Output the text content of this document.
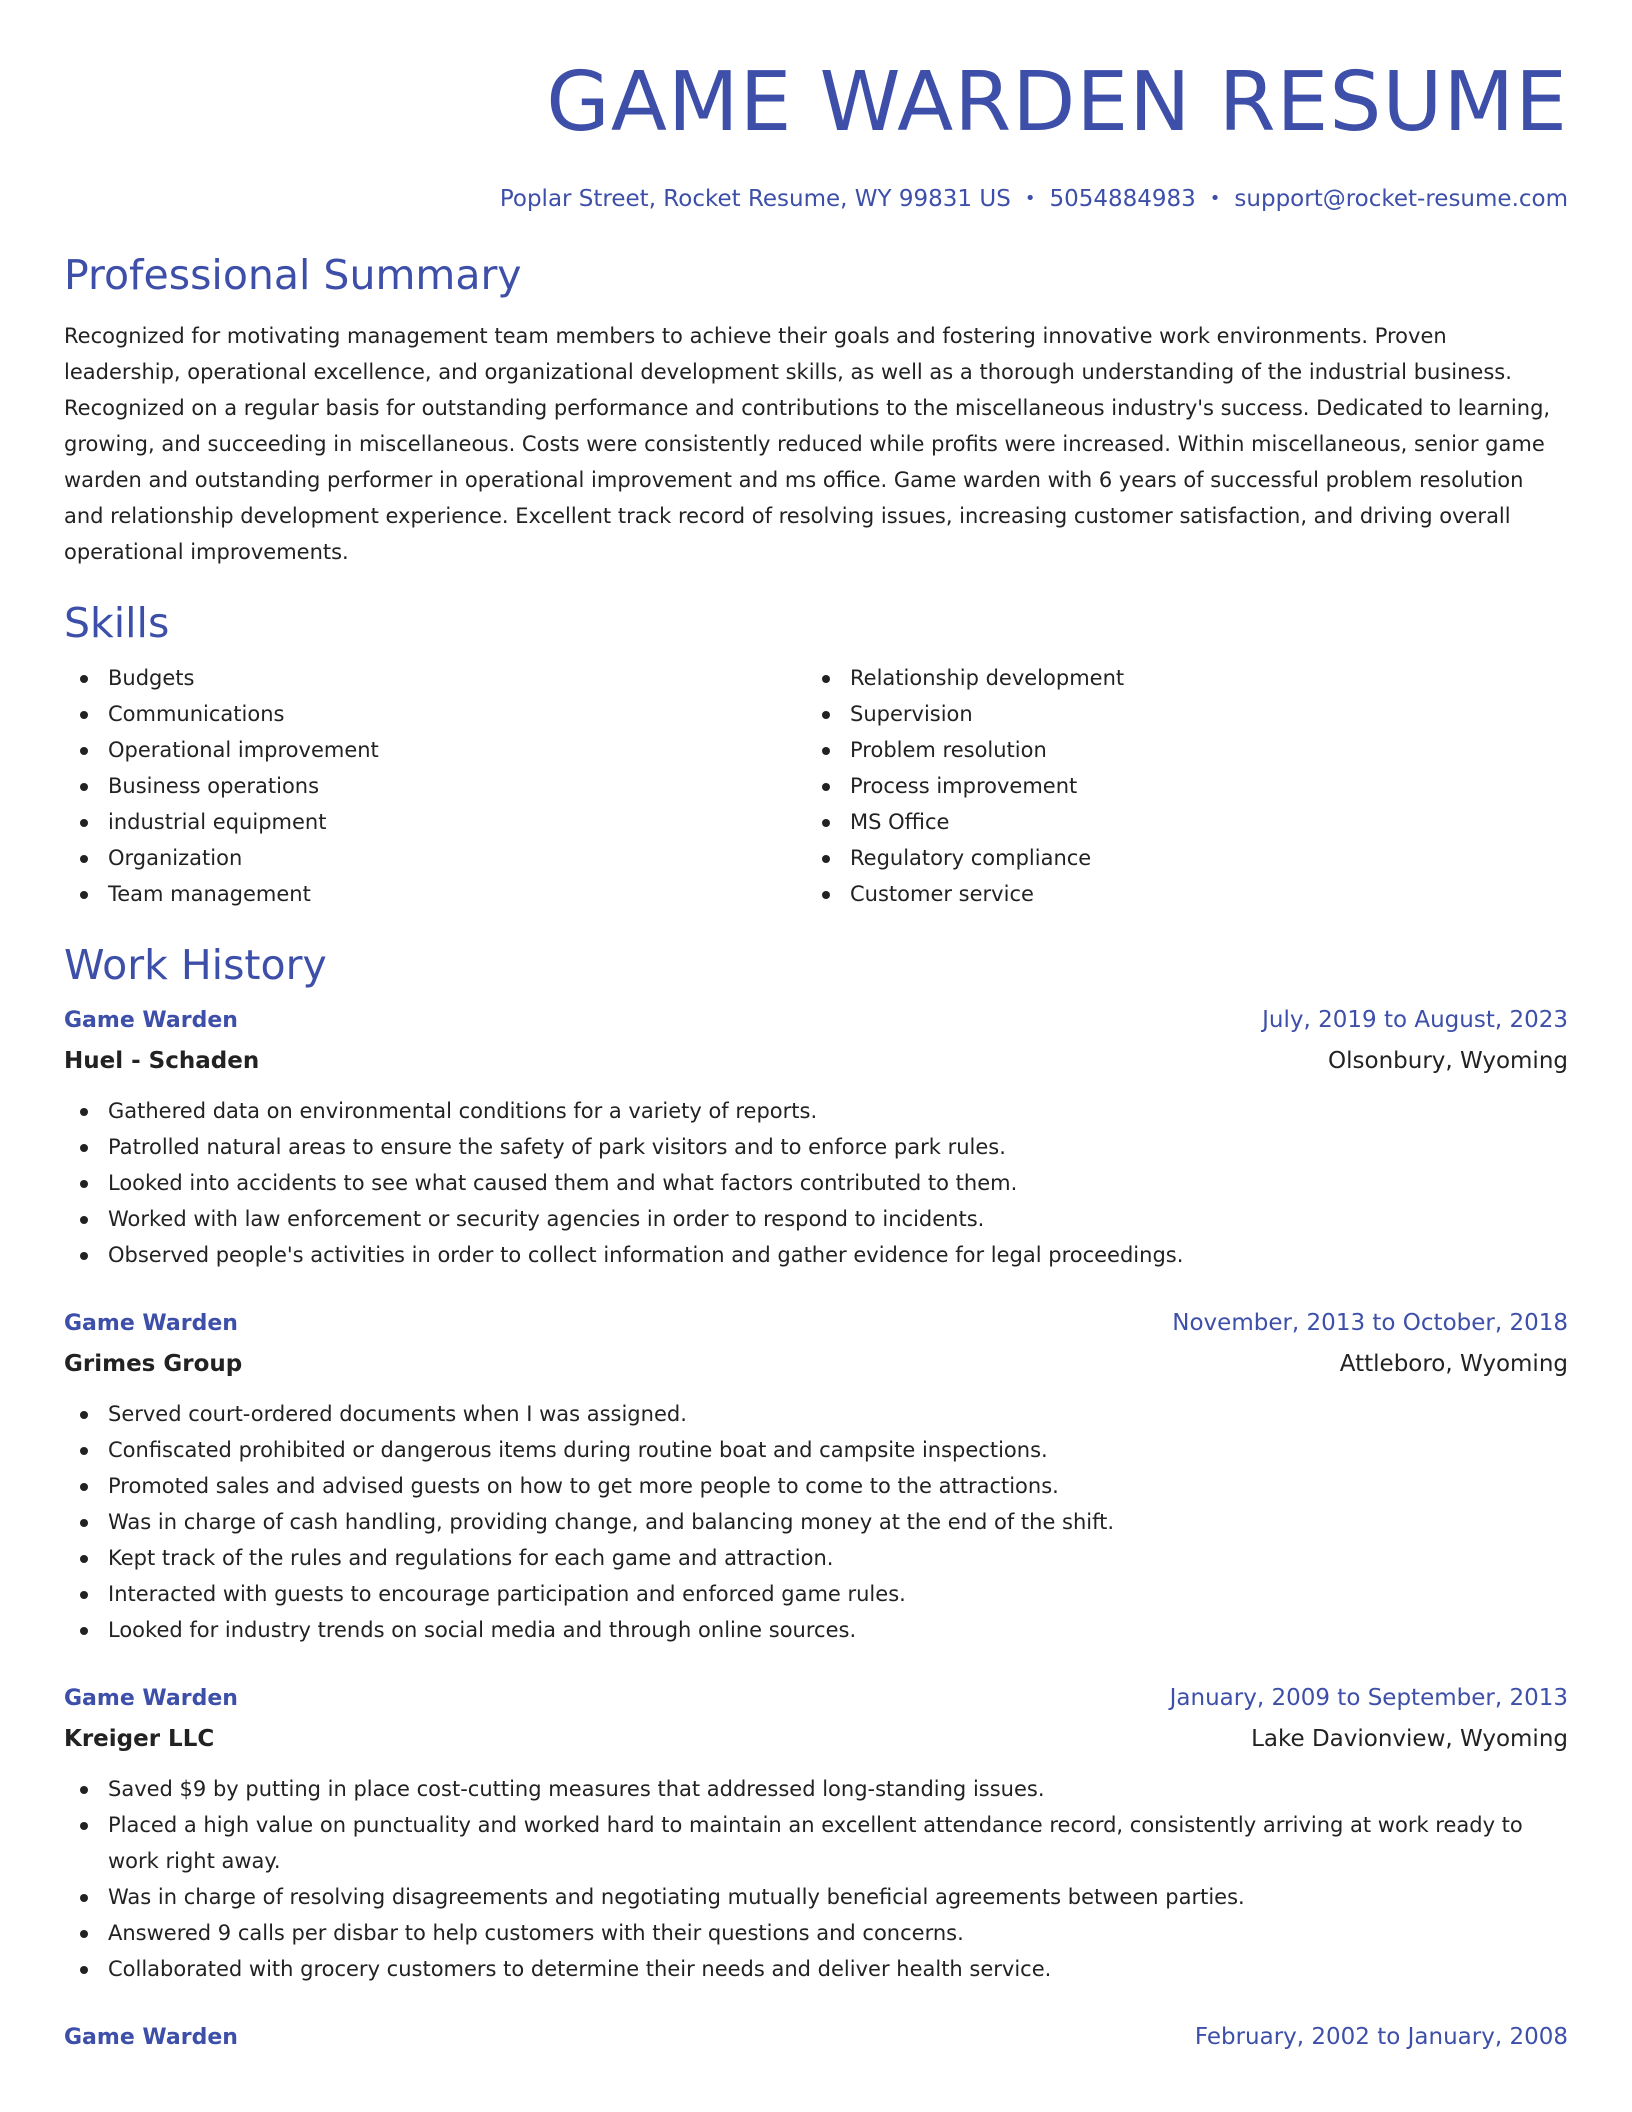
GAME WARDEN RESUME
Poplar Street, Rocket Resume, WY 99831 US • 5054884983 • support@rocket-resume.com
Professional Summary

Recognized for motivating management team members to achieve their goals and fostering innovative work environments. Proven leadership, operational excellence, and organizational development skills, as well as a thorough understanding of the industrial business. Recognized on a regular basis for outstanding performance and contributions to the miscellaneous industry's success. Dedicated to learning, growing, and succeeding in miscellaneous. Costs were consistently reduced while profits were increased. Within miscellaneous, senior game warden and outstanding performer in operational improvement and ms office. Game warden with 6 years of successful problem resolution and relationship development experience. Excellent track record of resolving issues, increasing customer satisfaction, and driving overall operational improvements.

Skills
Budgets
Communications
Operational improvement
Business operations
industrial equipment
Organization
Team management
Relationship development
Supervision
Problem resolution
Process improvement
MS Office
Regulatory compliance
Customer service
Work History
Game Warden	July, 2019 to August, 2023
Huel - Schaden	Olsonbury, Wyoming
Gathered data on environmental conditions for a variety of reports.
Patrolled natural areas to ensure the safety of park visitors and to enforce park rules.
Looked into accidents to see what caused them and what factors contributed to them.
Worked with law enforcement or security agencies in order to respond to incidents.
Observed people's activities in order to collect information and gather evidence for legal proceedings.
Game Warden	November, 2013 to October, 2018
Grimes Group	Attleboro, Wyoming
Served court-ordered documents when I was assigned.
Confiscated prohibited or dangerous items during routine boat and campsite inspections.
Promoted sales and advised guests on how to get more people to come to the attractions.
Was in charge of cash handling, providing change, and balancing money at the end of the shift.
Kept track of the rules and regulations for each game and attraction.
Interacted with guests to encourage participation and enforced game rules.
Looked for industry trends on social media and through online sources.
Game Warden	January, 2009 to September, 2013
Kreiger LLC	Lake Davionview, Wyoming
Saved $9 by putting in place cost-cutting measures that addressed long-standing issues.
Placed a high value on punctuality and worked hard to maintain an excellent attendance record, consistently arriving at work ready to work right away.
Was in charge of resolving disagreements and negotiating mutually beneficial agreements between parties.
Answered 9 calls per disbar to help customers with their questions and concerns.
Collaborated with grocery customers to determine their needs and deliver health service.
Game Warden	February, 2002 to January, 2008
